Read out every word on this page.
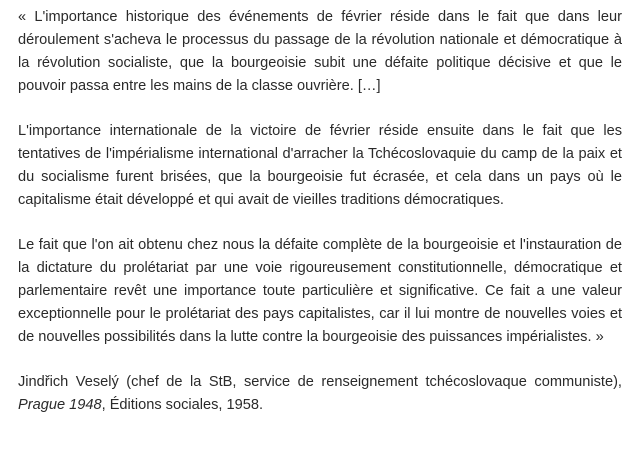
« L'importance historique des événements de février réside dans le fait que dans leur déroulement s'acheva le processus du passage de la révolution nationale et démocratique à la révolution socialiste, que la bourgeoisie subit une défaite politique décisive et que le pouvoir passa entre les mains de la classe ouvrière. […]

L'importance internationale de la victoire de février réside ensuite dans le fait que les tentatives de l'impérialisme international d'arracher la Tchécoslovaquie du camp de la paix et du socialisme furent brisées, que la bourgeoisie fut écrasée, et cela dans un pays où le capitalisme était développé et qui avait de vieilles traditions démocratiques.

Le fait que l'on ait obtenu chez nous la défaite complète de la bourgeoisie et l'instauration de la dictature du prolétariat par une voie rigoureusement constitutionnelle, démocratique et parlementaire revêt une importance toute particulière et significative. Ce fait a une valeur exceptionnelle pour le prolétariat des pays capitalistes, car il lui montre de nouvelles voies et de nouvelles possibilités dans la lutte contre la bourgeoisie des puissances impérialistes. »

Jindřich Veselý (chef de la StB, service de renseignement tchécoslovaque communiste), Prague 1948, Éditions sociales, 1958.
